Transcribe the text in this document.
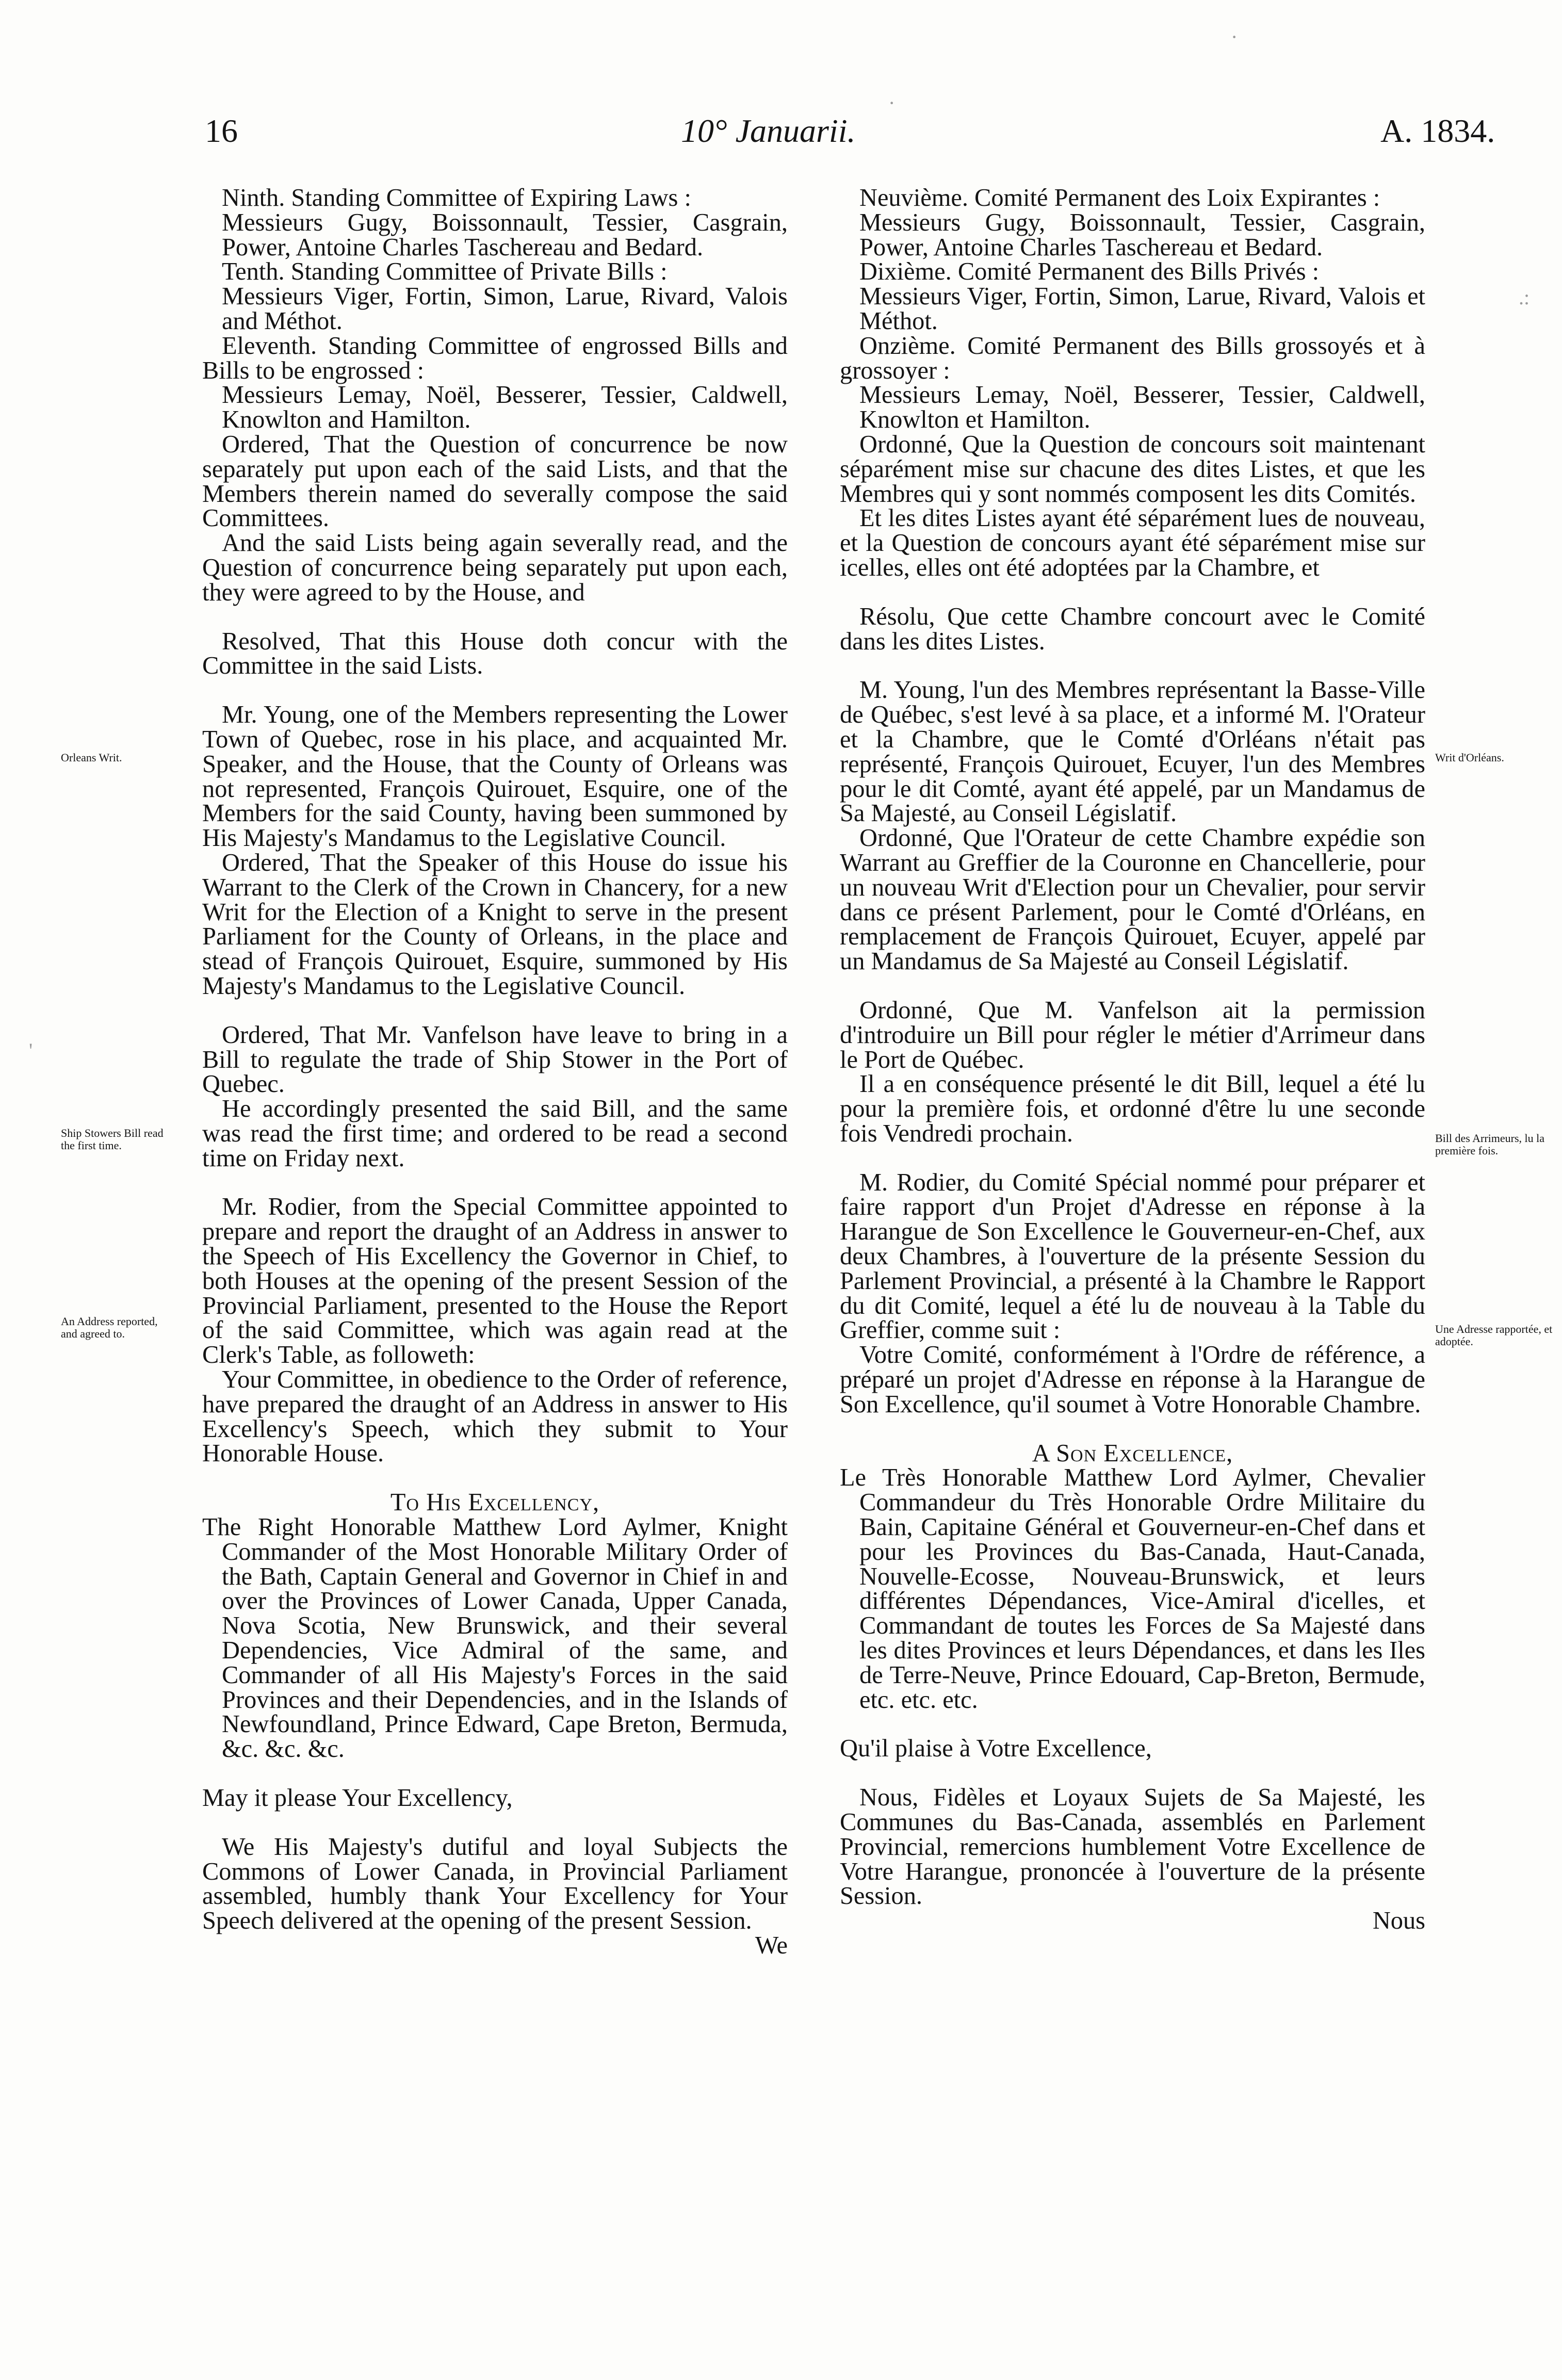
16	10° Januarii.	A. 1834.
·
·
'
.:
Orleans Writ.
Ship Stowers Bill read the first time.
An Address reported, and agreed to.
Writ d'Orléans.
Bill des Arrimeurs, lu la première fois.
Une Adresse rapportée, et adoptée.

Ninth. Standing Committee of Expiring Laws :

Messieurs Gugy, Boissonnault, Tessier, Casgrain, Power, Antoine Charles Taschereau and Bedard.

Tenth. Standing Committee of Private Bills :

Messieurs Viger, Fortin, Simon, Larue, Rivard, Valois and Méthot.

Eleventh. Standing Committee of engrossed Bills and Bills to be engrossed :

Messieurs Lemay, Noël, Besserer, Tessier, Caldwell, Knowlton and Hamilton.

Ordered, That the Question of concurrence be now separately put upon each of the said Lists, and that the Members therein named do severally compose the said Committees.

And the said Lists being again severally read, and the Question of concurrence being separately put upon each, they were agreed to by the House, and

Resolved, That this House doth concur with the Committee in the said Lists.

Mr. Young, one of the Members representing the Lower Town of Quebec, rose in his place, and acquainted Mr. Speaker, and the House, that the County of Orleans was not represented, François Quirouet, Esquire, one of the Members for the said County, having been summoned by His Majesty's Mandamus to the Legislative Council.

Ordered, That the Speaker of this House do issue his Warrant to the Clerk of the Crown in Chancery, for a new Writ for the Election of a Knight to serve in the present Parliament for the County of Orleans, in the place and stead of François Quirouet, Esquire, summoned by His Majesty's Mandamus to the Legislative Council.

Ordered, That Mr. Vanfelson have leave to bring in a Bill to regulate the trade of Ship Stower in the Port of Quebec.

He accordingly presented the said Bill, and the same was read the first time; and ordered to be read a second time on Friday next.

Mr. Rodier, from the Special Committee appointed to prepare and report the draught of an Address in answer to the Speech of His Excellency the Governor in Chief, to both Houses at the opening of the present Session of the Provincial Parliament, presented to the House the Report of the said Committee, which was again read at the Clerk's Table, as followeth:

Your Committee, in obedience to the Order of reference, have prepared the draught of an Address in answer to His Excellency's Speech, which they submit to Your Honorable House.

To His Excellency,

The Right Honorable Matthew Lord Aylmer, Knight Commander of the Most Honorable Military Order of the Bath, Captain General and Governor in Chief in and over the Provinces of Lower Canada, Upper Canada, Nova Scotia, New Brunswick, and their several Dependencies, Vice Admiral of the same, and Commander of all His Majesty's Forces in the said Provinces and their Dependencies, and in the Islands of Newfoundland, Prince Edward, Cape Breton, Bermuda, &c. &c. &c.

May it please Your Excellency,

We His Majesty's dutiful and loyal Subjects the Commons of Lower Canada, in Provincial Parliament assembled, humbly thank Your Excellency for Your Speech delivered at the opening of the present Session.

We

Neuvième. Comité Permanent des Loix Expirantes :

Messieurs Gugy, Boissonnault, Tessier, Casgrain, Power, Antoine Charles Taschereau et Bedard.

Dixième. Comité Permanent des Bills Privés :

Messieurs Viger, Fortin, Simon, Larue, Rivard, Valois et Méthot.

Onzième. Comité Permanent des Bills grossoyés et à grossoyer :

Messieurs Lemay, Noël, Besserer, Tessier, Caldwell, Knowlton et Hamilton.

Ordonné, Que la Question de concours soit maintenant séparément mise sur chacune des dites Listes, et que les Membres qui y sont nommés composent les dits Comités.

Et les dites Listes ayant été séparément lues de nouveau, et la Question de concours ayant été séparément mise sur icelles, elles ont été adoptées par la Chambre, et

Résolu, Que cette Chambre concourt avec le Comité dans les dites Listes.

M. Young, l'un des Membres représentant la Basse-Ville de Québec, s'est levé à sa place, et a informé M. l'Orateur et la Chambre, que le Comté d'Orléans n'était pas représenté, François Quirouet, Ecuyer, l'un des Membres pour le dit Comté, ayant été appelé, par un Mandamus de Sa Majesté, au Conseil Législatif.

Ordonné, Que l'Orateur de cette Chambre expédie son Warrant au Greffier de la Couronne en Chancellerie, pour un nouveau Writ d'Election pour un Chevalier, pour servir dans ce présent Parlement, pour le Comté d'Orléans, en remplacement de François Quirouet, Ecuyer, appelé par un Mandamus de Sa Majesté au Conseil Législatif.

Ordonné, Que M. Vanfelson ait la permission d'introduire un Bill pour régler le métier d'Arrimeur dans le Port de Québec.

Il a en conséquence présenté le dit Bill, lequel a été lu pour la première fois, et ordonné d'être lu une seconde fois Vendredi prochain.

M. Rodier, du Comité Spécial nommé pour préparer et faire rapport d'un Projet d'Adresse en réponse à la Harangue de Son Excellence le Gouverneur-en-Chef, aux deux Chambres, à l'ouverture de la présente Session du Parlement Provincial, a présenté à la Chambre le Rapport du dit Comité, lequel a été lu de nouveau à la Table du Greffier, comme suit :

Votre Comité, conformément à l'Ordre de référence, a préparé un projet d'Adresse en réponse à la Harangue de Son Excellence, qu'il soumet à Votre Honorable Chambre.

A Son Excellence,

Le Très Honorable Matthew Lord Aylmer, Chevalier Commandeur du Très Honorable Ordre Militaire du Bain, Capitaine Général et Gouverneur-en-Chef dans et pour les Provinces du Bas-Canada, Haut-Canada, Nouvelle-Ecosse, Nouveau-Brunswick, et leurs différentes Dépendances, Vice-Amiral d'icelles, et Commandant de toutes les Forces de Sa Majesté dans les dites Provinces et leurs Dépendances, et dans les Iles de Terre-Neuve, Prince Edouard, Cap-Breton, Bermude, etc. etc. etc.

Qu'il plaise à Votre Excellence,

Nous, Fidèles et Loyaux Sujets de Sa Majesté, les Communes du Bas-Canada, assemblés en Parlement Provincial, remercions humblement Votre Excellence de Votre Harangue, prononcée à l'ouverture de la présente Session.

Nous
